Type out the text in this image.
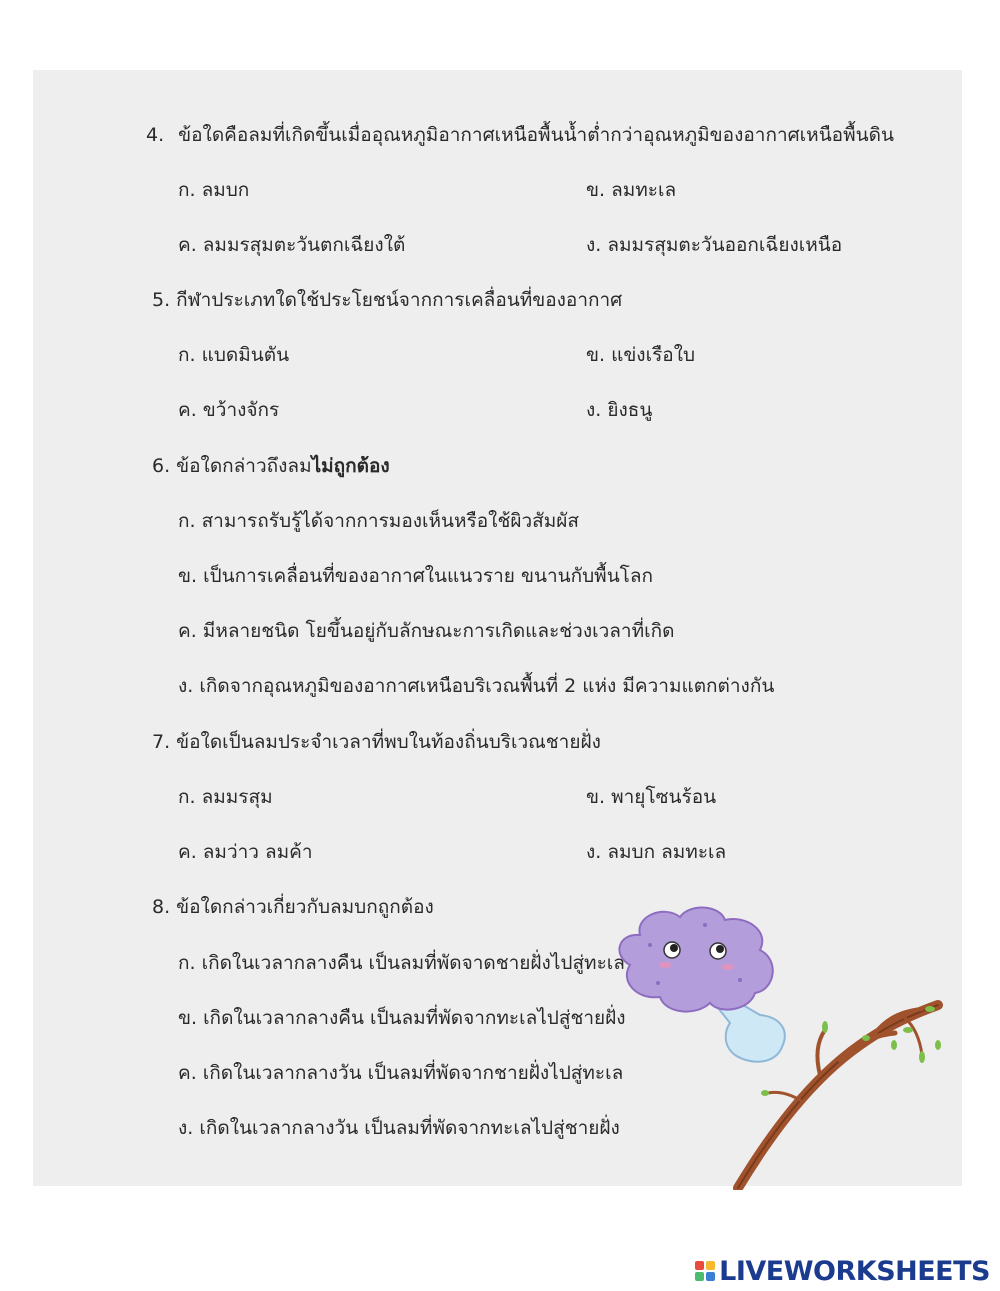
4. ข้อใดคือลมที่เกิดขึ้นเมื่ออุณหภูมิอากาศเหนือพื้นน้ำต่ำกว่าอุณหภูมิของอากาศเหนือพื้นดิน
ก. ลมบก	ข. ลมทะเล
ค. ลมมรสุมตะวันตกเฉียงใต้	ง. ลมมรสุมตะวันออกเฉียงเหนือ
5. กีฬาประเภทใดใช้ประโยชน์จากการเคลื่อนที่ของอากาศ
ก. แบดมินตัน	ข. แข่งเรือใบ
ค. ขว้างจักร	ง. ยิงธนู
6. ข้อใดกล่าวถึงลมไม่ถูกต้อง
ก. สามารถรับรู้ได้จากการมองเห็นหรือใช้ผิวสัมผัส
ข. เป็นการเคลื่อนที่ของอากาศในแนวราย ขนานกับพื้นโลก
ค. มีหลายชนิด โยขึ้นอยู่กับลักษณะการเกิดและช่วงเวลาที่เกิด
ง. เกิดจากอุณหภูมิของอากาศเหนือบริเวณพื้นที่ 2 แห่ง มีความแตกต่างกัน
7. ข้อใดเป็นลมประจำเวลาที่พบในท้องถิ่นบริเวณชายฝั่ง
ก. ลมมรสุม	ข. พายุโซนร้อน
ค. ลมว่าว ลมค้า	ง. ลมบก ลมทะเล
8. ข้อใดกล่าวเกี่ยวกับลมบกถูกต้อง
ก. เกิดในเวลากลางคืน เป็นลมที่พัดจาดชายฝั่งไปสู่ทะเล
ข. เกิดในเวลากลางคืน เป็นลมที่พัดจากทะเลไปสู่ชายฝั่ง
ค. เกิดในเวลากลางวัน เป็นลมที่พัดจากชายฝั่งไปสู่ทะเล
ง. เกิดในเวลากลางวัน เป็นลมที่พัดจากทะเลไปสู่ชายฝั่ง
LIVEWORKSHEETS
